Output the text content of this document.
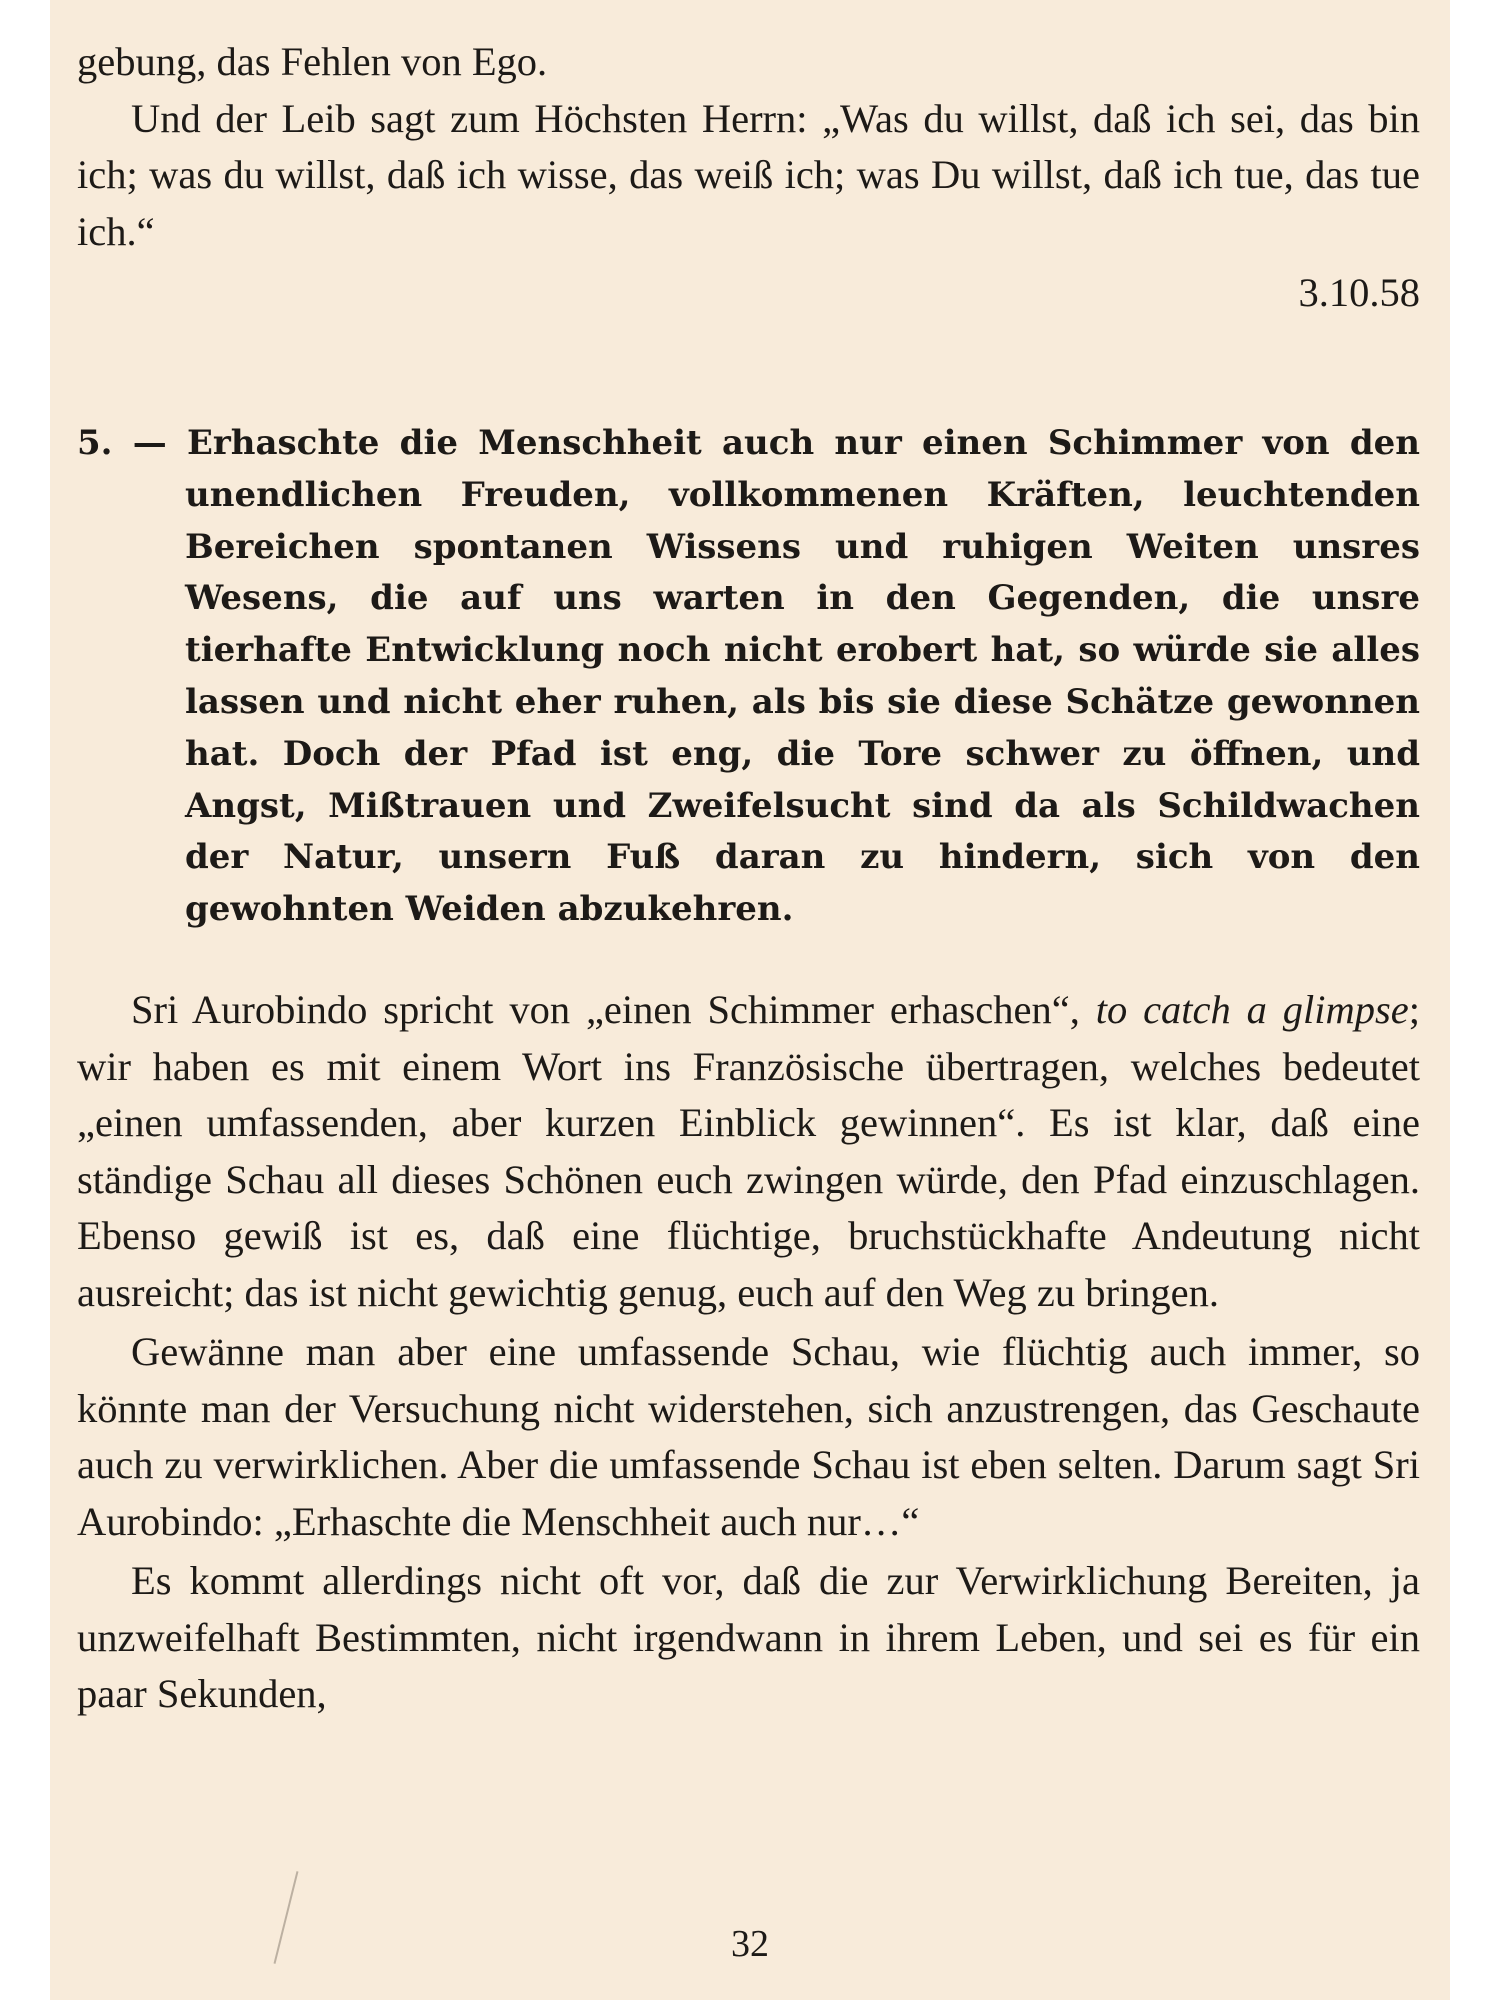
gebung, das Fehlen von Ego.

Und der Leib sagt zum Höchsten Herrn: „Was du willst, daß ich sei, das bin ich; was du willst, daß ich wisse, das weiß ich; was Du willst, daß ich tue, das tue ich.“

3.10.58

5. — Erhaschte die Menschheit auch nur einen Schimmer von den unendlichen Freuden, vollkommenen Kräften, leuchtenden Bereichen spontanen Wissens und ruhigen Weiten unsres Wesens, die auf uns warten in den Gegenden, die unsre tierhafte Entwicklung noch nicht erobert hat, so würde sie alles lassen und nicht eher ruhen, als bis sie diese Schätze gewonnen hat. Doch der Pfad ist eng, die Tore schwer zu öffnen, und Angst, Mißtrauen und Zweifelsucht sind da als Schildwachen der Natur, unsern Fuß daran zu hindern, sich von den gewohnten Weiden abzukehren.

Sri Aurobindo spricht von „einen Schimmer erhaschen“, to catch a glimpse; wir haben es mit einem Wort ins Französische übertragen, welches bedeutet „einen umfassenden, aber kurzen Einblick gewinnen“. Es ist klar, daß eine ständige Schau all dieses Schönen euch zwingen würde, den Pfad einzuschlagen. Ebenso gewiß ist es, daß eine flüchtige, bruchstückhafte Andeutung nicht ausreicht; das ist nicht gewichtig genug, euch auf den Weg zu bringen.

Gewänne man aber eine umfassende Schau, wie flüchtig auch immer, so könnte man der Versuchung nicht widerstehen, sich anzustrengen, das Geschaute auch zu verwirklichen. Aber die umfassende Schau ist eben selten. Darum sagt Sri Aurobindo: „Erhaschte die Menschheit auch nur…“

Es kommt allerdings nicht oft vor, daß die zur Verwirklichung Bereiten, ja unzweifelhaft Bestimmten, nicht irgendwann in ihrem Leben, und sei es für ein paar Sekunden,

32
